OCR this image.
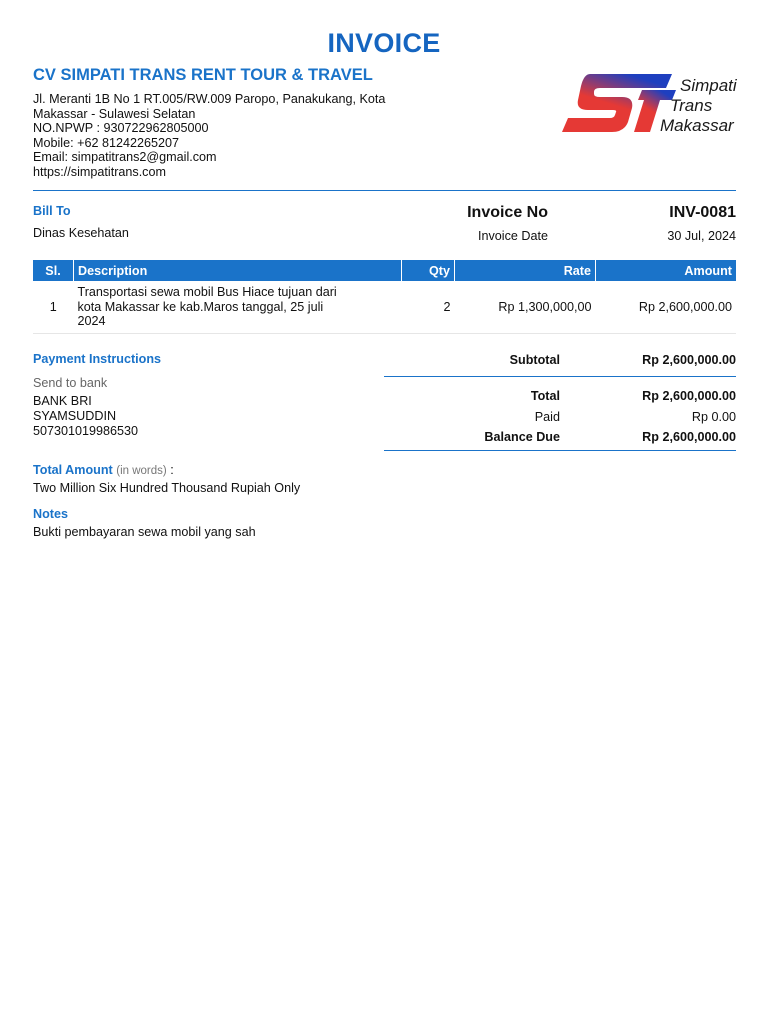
INVOICE
CV SIMPATI TRANS RENT TOUR & TRAVEL
Jl. Meranti 1B No 1 RT.005/RW.009 Paropo, Panakukang, Kota
Makassar - Sulawesi Selatan
NO.NPWP : 930722962805000
Mobile: +62 81242265207
Email: simpatitrans2@gmail.com
https://simpatitrans.com
Simpati
Trans
Makassar
Bill To
Dinas Kesehatan
Invoice No	INV-0081
Invoice Date	30 Jul, 2024
Sl.	Description	Qty	Rate	Amount
1	Transportasi sewa mobil Bus Hiace tujuan dari kota Makassar ke kab.Maros tanggal, 25 juli 2024	2	Rp 1,300,000,00	Rp 2,600,000.00
Payment Instructions
Send to bank
BANK BRI
SYAMSUDDIN
507301019986530
Subtotal	Rp 2,600,000.00
Total	Rp 2,600,000.00
Paid	Rp 0.00
Balance Due	Rp 2,600,000.00
Total Amount (in words) :
Two Million Six Hundred Thousand Rupiah Only
Notes
Bukti pembayaran sewa mobil yang sah
